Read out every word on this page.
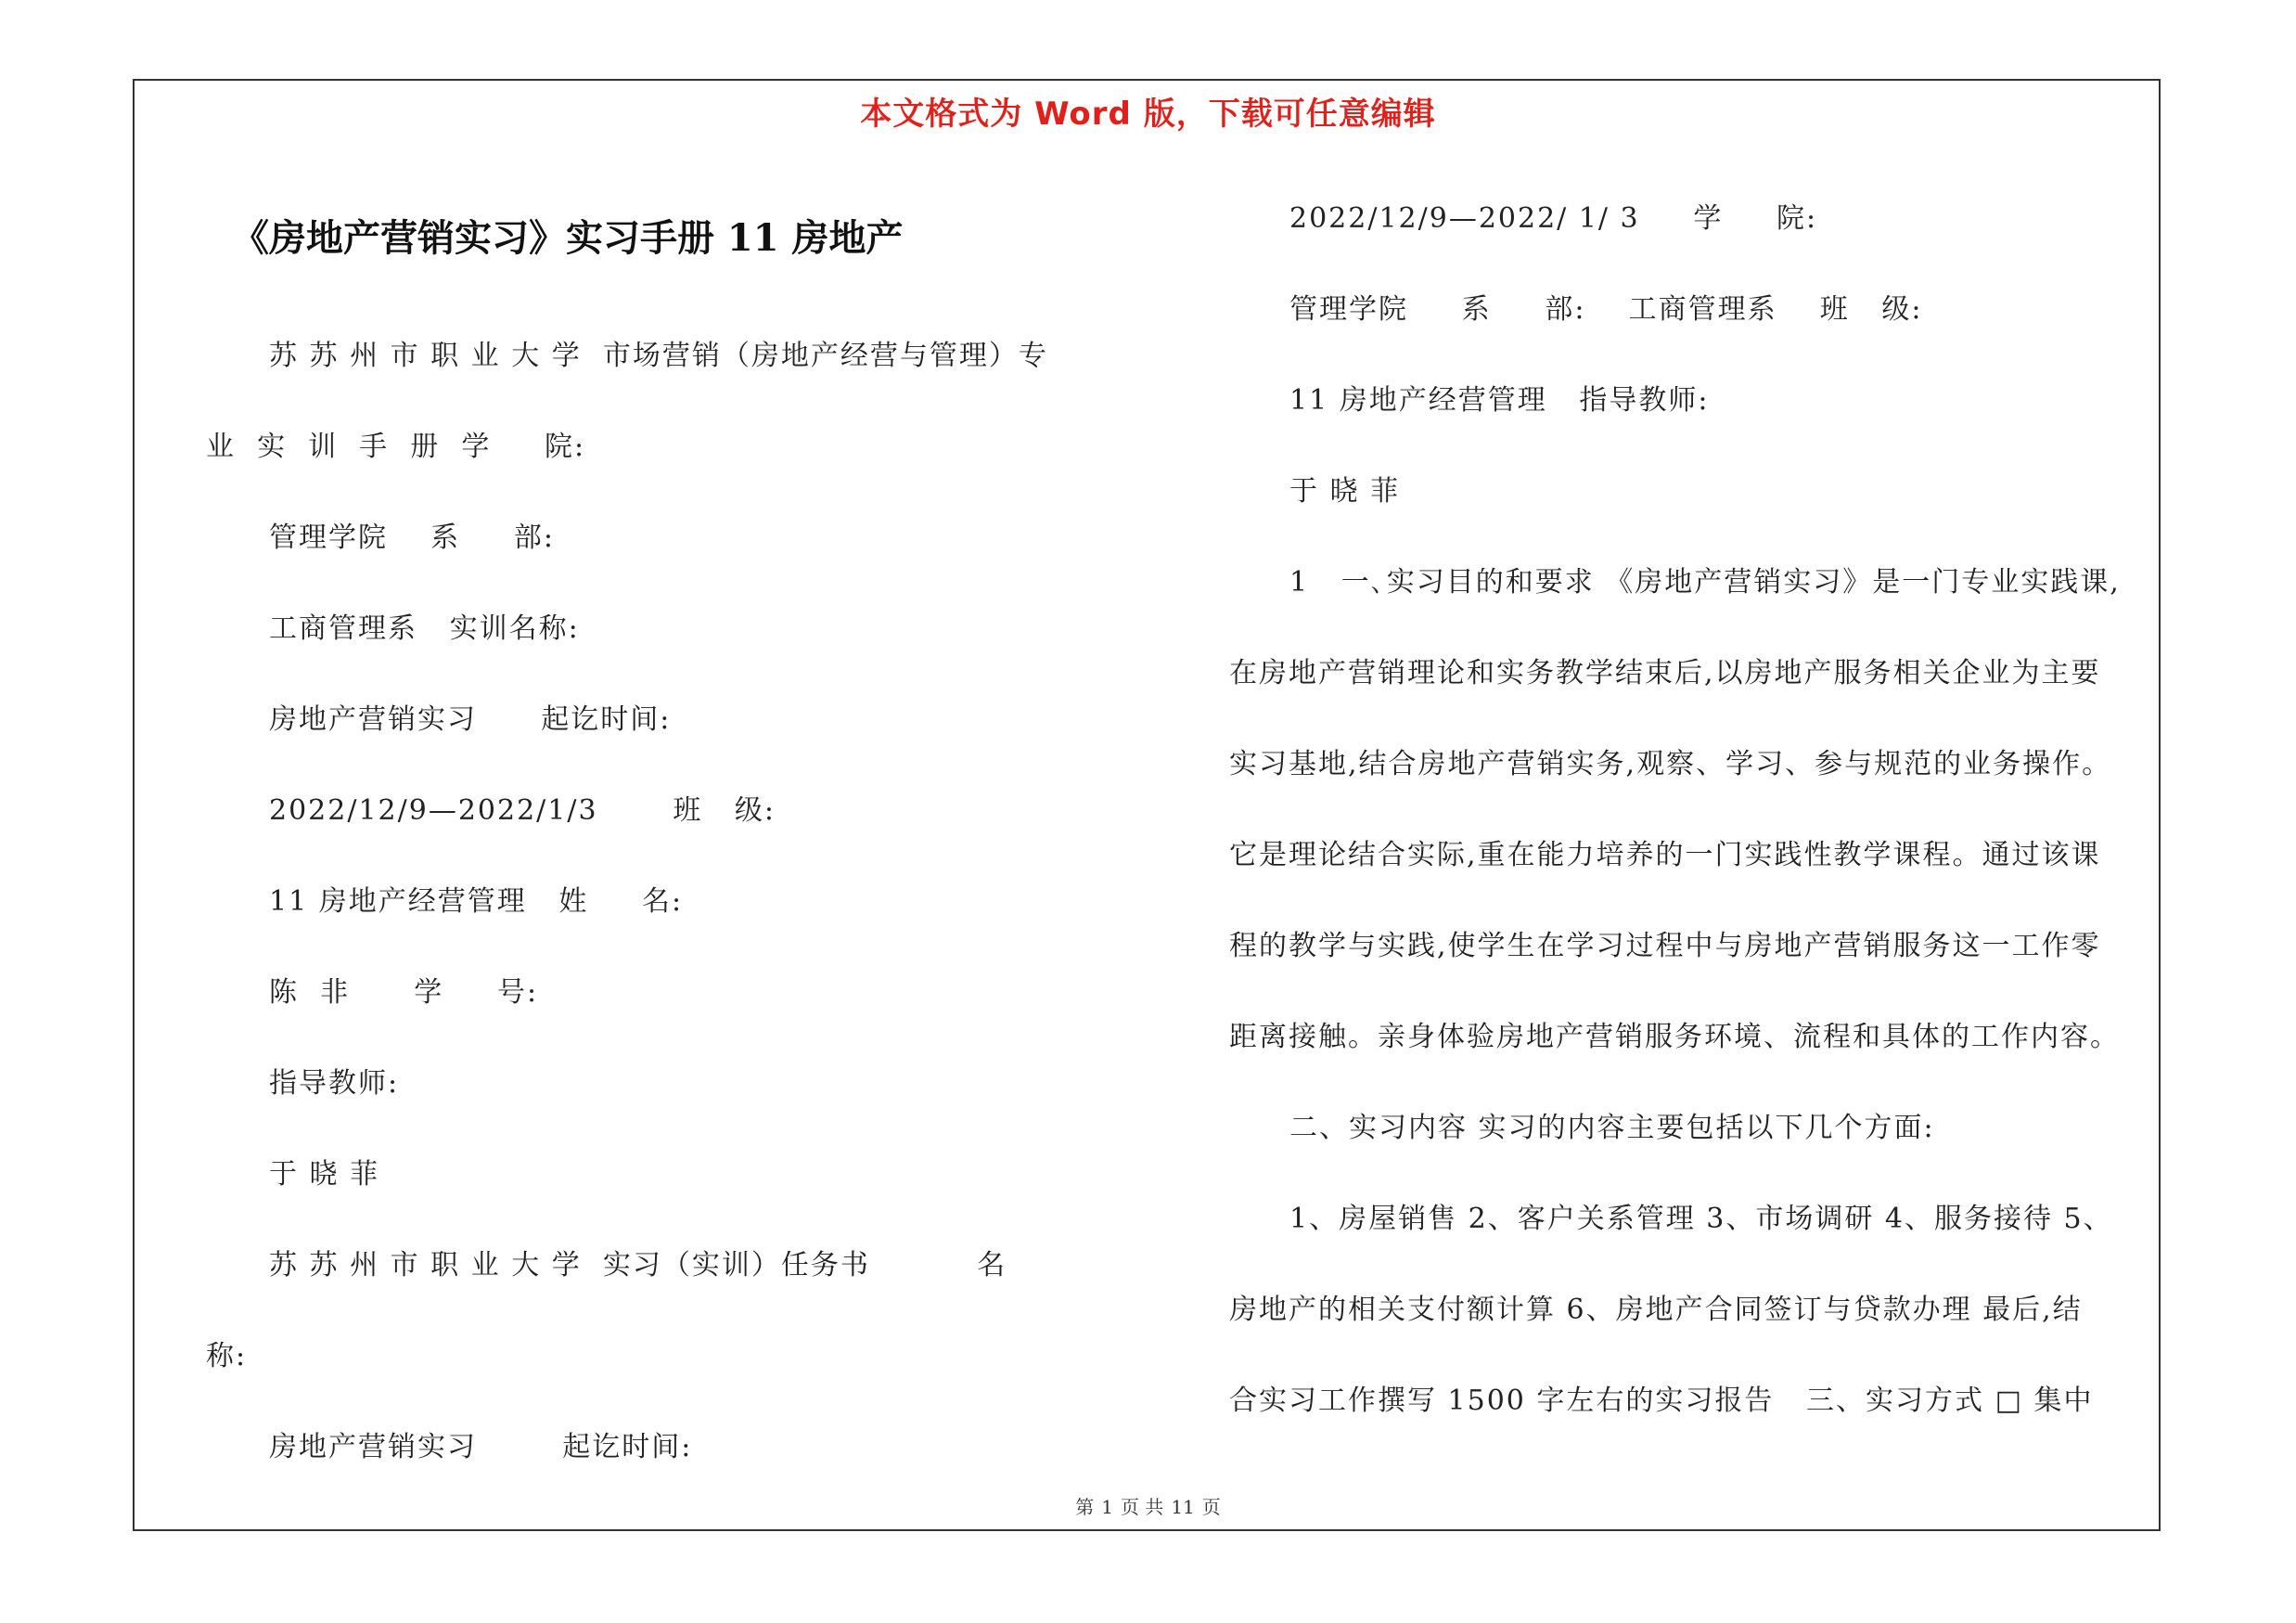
本文格式为 Word 版，下载可任意编辑
《房地产营销实习》实习手册 11 房地产
苏 苏 州 市 职 业 大 学  市场营销（房地产经营与管理）专
业  实  训  手  册  学     院:
管理学院    系     部:
工商管理系   实训名称:
房地产营销实习      起讫时间:
2022/12/9—2022/1/3       班   级:
11 房地产经营管理   姓     名:
陈  非      学     号:
指导教师:
于 晓 菲
苏 苏 州 市 职 业 大 学  实习（实训）任务书          名
称:
房地产营销实习        起讫时间:
2022/12/9—2022/ 1/ 3     学     院:
管理学院     系     部:    工商管理系    班   级:
11 房地产经营管理   指导教师:
于 晓 菲
1   一､实习目的和要求 《房地产营销实习》是一门专业实践课,
在房地产营销理论和实务教学结束后,以房地产服务相关企业为主要
实习基地,结合房地产营销实务,观察、学习、参与规范的业务操作。
它是理论结合实际,重在能力培养的一门实践性教学课程。通过该课
程的教学与实践,使学生在学习过程中与房地产营销服务这一工作零
距离接触。亲身体验房地产营销服务环境、流程和具体的工作内容。
二、实习内容 实习的内容主要包括以下几个方面:
1、房屋销售 2、客户关系管理 3、市场调研 4、服务接待 5、
房地产的相关支付额计算 6、房地产合同签订与贷款办理 最后,结
合实习工作撰写 1500 字左右的实习报告   三、实习方式 □ 集中
第 1 页 共 11 页
